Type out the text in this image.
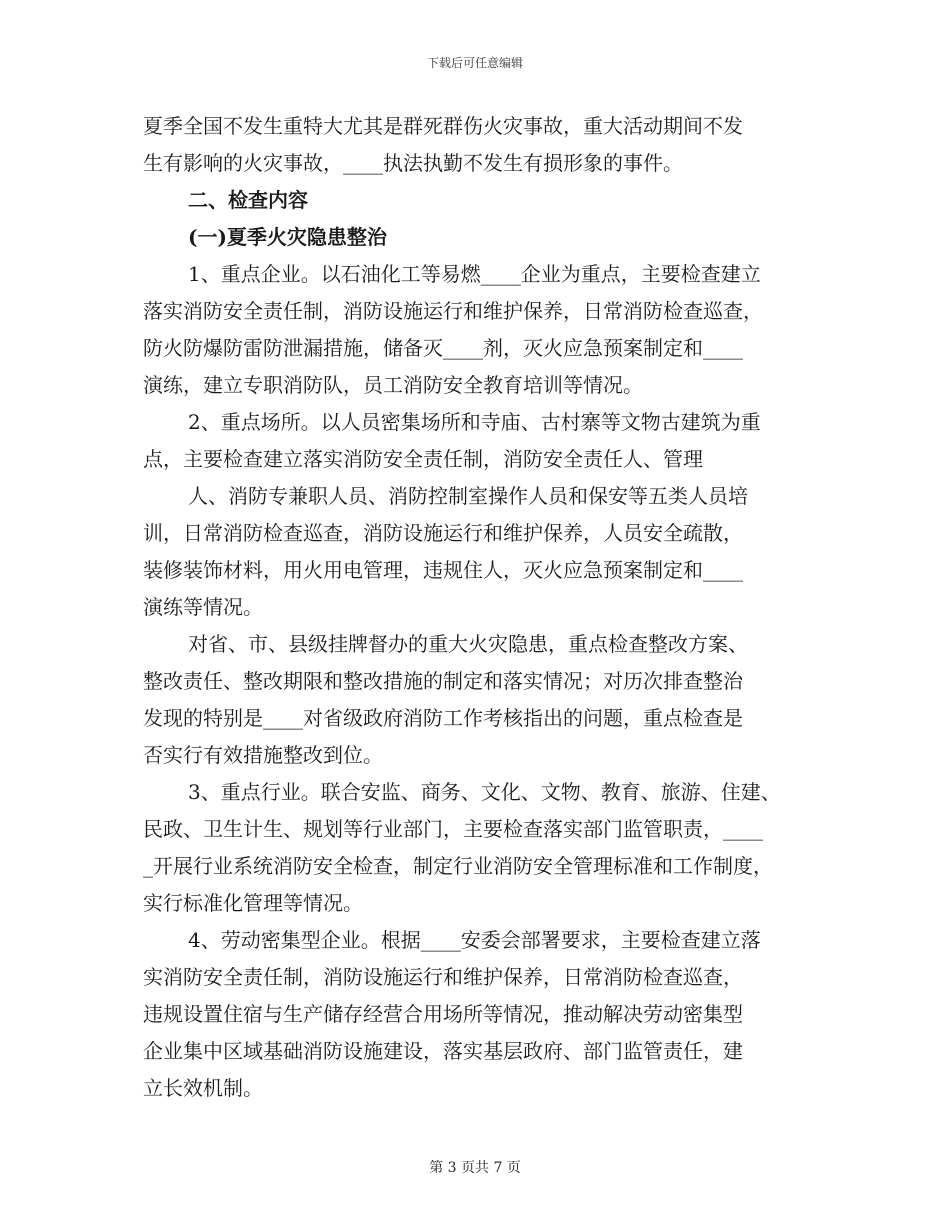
下载后可任意编辑
夏季全国不发生重特大尤其是群死群伤火灾事故，重大活动期间不发
生有影响的火灾事故，____执法执勤不发生有损形象的事件。
二、检查内容
(一)夏季火灾隐患整治
1、重点企业。以石油化工等易燃____企业为重点，主要检查建立
落实消防安全责任制，消防设施运行和维护保养，日常消防检查巡查，
防火防爆防雷防泄漏措施，储备灭____剂，灭火应急预案制定和____
演练，建立专职消防队，员工消防安全教育培训等情况。
2、重点场所。以人员密集场所和寺庙、古村寨等文物古建筑为重
点，主要检查建立落实消防安全责任制，消防安全责任人、管理
人、消防专兼职人员、消防控制室操作人员和保安等五类人员培
训，日常消防检查巡查，消防设施运行和维护保养，人员安全疏散，
装修装饰材料，用火用电管理，违规住人，灭火应急预案制定和____
演练等情况。
对省、市、县级挂牌督办的重大火灾隐患，重点检查整改方案、
整改责任、整改期限和整改措施的制定和落实情况；对历次排查整治
发现的特别是____对省级政府消防工作考核指出的问题，重点检查是
否实行有效措施整改到位。
3、重点行业。联合安监、商务、文化、文物、教育、旅游、住建、
民政、卫生计生、规划等行业部门，主要检查落实部门监管职责，____
_开展行业系统消防安全检查，制定行业消防安全管理标准和工作制度，
实行标准化管理等情况。
4、劳动密集型企业。根据____安委会部署要求，主要检查建立落
实消防安全责任制，消防设施运行和维护保养，日常消防检查巡查，
违规设置住宿与生产储存经营合用场所等情况，推动解决劳动密集型
企业集中区域基础消防设施建设，落实基层政府、部门监管责任，建
立长效机制。
第 3 页共 7 页
